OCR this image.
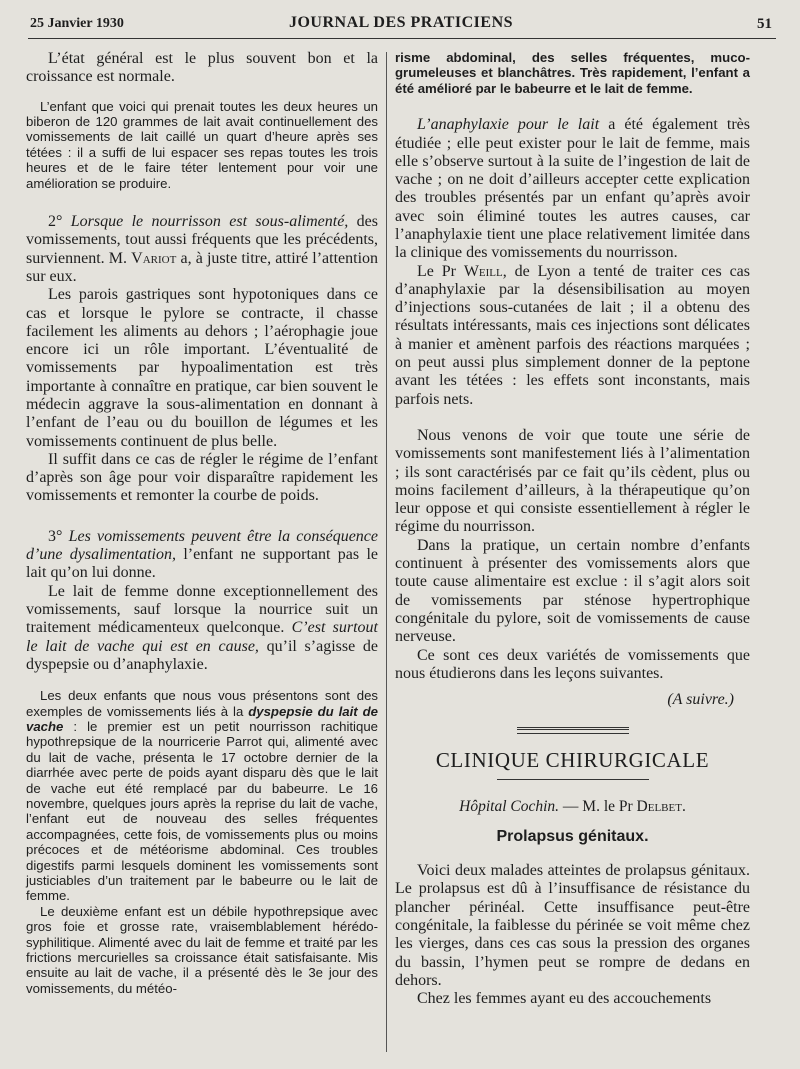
25 Janvier 1930	JOURNAL DES PRATICIENS	51

L’état général est le plus souvent bon et la croissance est normale.

L’enfant que voici qui prenait toutes les deux heures un biberon de 120 grammes de lait avait continuellement des vomissements de lait caillé un quart d’heure après ses tétées : il a suffi de lui espacer ses repas toutes les trois heures et de le faire téter lentement pour voir une amélioration se produire.

2° Lorsque le nourrisson est sous-alimenté, des vomissements, tout aussi fréquents que les précédents, surviennent. M. Variot a, à juste titre, attiré l’attention sur eux.

Les parois gastriques sont hypotoniques dans ce cas et lorsque le pylore se contracte, il chasse facilement les aliments au dehors ; l’aérophagie joue encore ici un rôle important. L’éventualité de vomissements par hypoalimentation est très importante à connaître en pratique, car bien souvent le médecin aggrave la sous-alimentation en donnant à l’enfant de l’eau ou du bouillon de légumes et les vomissements continuent de plus belle.

Il suffit dans ce cas de régler le régime de l’enfant d’après son âge pour voir disparaître rapidement les vomissements et remonter la courbe de poids.

3° Les vomissements peuvent être la conséquence d’une dysalimentation, l’enfant ne supportant pas le lait qu’on lui donne.

Le lait de femme donne exceptionnellement des vomissements, sauf lorsque la nourrice suit un traitement médicamenteux quelconque. C’est surtout le lait de vache qui est en cause, qu’il s’agisse de dyspepsie ou d’anaphylaxie.

Les deux enfants que nous vous présentons sont des exemples de vomissements liés à la dyspepsie du lait de vache : le premier est un petit nourrisson rachitique hypothrepsique de la nourricerie Parrot qui, alimenté avec du lait de vache, présenta le 17 octobre dernier de la diarrhée avec perte de poids ayant disparu dès que le lait de vache eut été remplacé par du babeurre. Le 16 novembre, quelques jours après la reprise du lait de vache, l’enfant eut de nouveau des selles fréquentes accompagnées, cette fois, de vomissements plus ou moins précoces et de météorisme abdominal. Ces troubles digestifs parmi lesquels dominent les vomissements sont justiciables d’un traitement par le babeurre ou le lait de femme.

Le deuxième enfant est un débile hypothrepsique avec gros foie et grosse rate, vraisemblablement hérédo-syphilitique. Alimenté avec du lait de femme et traité par les frictions mercurielles sa croissance était satisfaisante. Mis ensuite au lait de vache, il a présenté dès le 3e jour des vomissements, du météo-

risme abdominal, des selles fréquentes, muco-grumeleuses et blanchâtres. Très rapidement, l’enfant a été amélioré par le babeurre et le lait de femme.

L’anaphylaxie pour le lait a été également très étudiée ; elle peut exister pour le lait de femme, mais elle s’observe surtout à la suite de l’ingestion de lait de vache ; on ne doit d’ailleurs accepter cette explication des troubles présentés par un enfant qu’après avoir avec soin éliminé toutes les autres causes, car l’anaphylaxie tient une place relativement limitée dans la clinique des vomissements du nourrisson.

Le Pr Weill, de Lyon a tenté de traiter ces cas d’anaphylaxie par la désensibilisation au moyen d’injections sous-cutanées de lait ; il a obtenu des résultats intéressants, mais ces injections sont délicates à manier et amènent parfois des réactions marquées ; on peut aussi plus simplement donner de la peptone avant les tétées : les effets sont inconstants, mais parfois nets.

Nous venons de voir que toute une série de vomissements sont manifestement liés à l’alimentation ; ils sont caractérisés par ce fait qu’ils cèdent, plus ou moins facilement d’ailleurs, à la thérapeutique qu’on leur oppose et qui consiste essentiellement à régler le régime du nourrisson.

Dans la pratique, un certain nombre d’enfants continuent à présenter des vomissements alors que toute cause alimentaire est exclue : il s’agit alors soit de vomissements par sténose hypertrophique congénitale du pylore, soit de vomissements de cause nerveuse.

Ce sont ces deux variétés de vomissements que nous étudierons dans les leçons suivantes.

(A suivre.)
CLINIQUE CHIRURGICALE
Hôpital Cochin. — M. le Pr Delbet.
Prolapsus génitaux.

Voici deux malades atteintes de prolapsus génitaux. Le prolapsus est dû à l’insuffisance de résistance du plancher périnéal. Cette insuffisance peut-être congénitale, la faiblesse du périnée se voit même chez les vierges, dans ces cas sous la pression des organes du bassin, l’hymen peut se rompre de dedans en dehors.

Chez les femmes ayant eu des accouchements
